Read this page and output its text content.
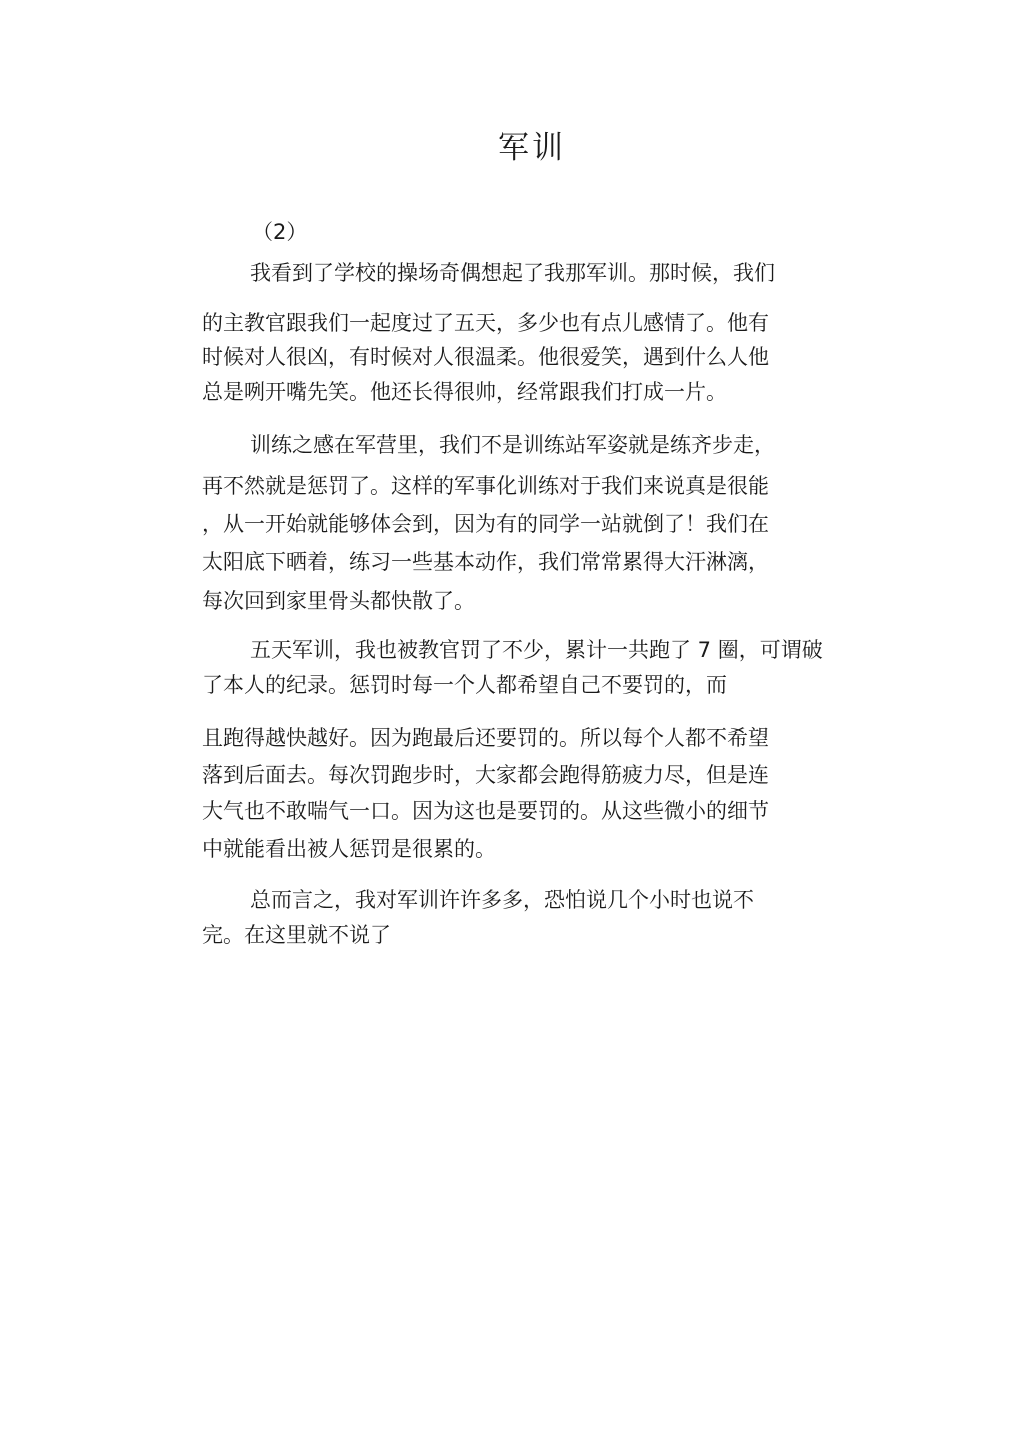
军训
（2）
我看到了学校的操场奇偶想起了我那军训。那时候，我们
的主教官跟我们一起度过了五天，多少也有点儿感情了。他有
时候对人很凶，有时候对人很温柔。他很爱笑，遇到什么人他
总是咧开嘴先笑。他还长得很帅，经常跟我们打成一片。
训练之感在军营里，我们不是训练站军姿就是练齐步走，
再不然就是惩罚了。这样的军事化训练对于我们来说真是很能
，从一开始就能够体会到，因为有的同学一站就倒了！我们在
太阳底下晒着，练习一些基本动作，我们常常累得大汗淋漓，
每次回到家里骨头都快散了。
五天军训，我也被教官罚了不少，累计一共跑了 7 圈，可谓破
了本人的纪录。惩罚时每一个人都希望自己不要罚的，而
且跑得越快越好。因为跑最后还要罚的。所以每个人都不希望
落到后面去。每次罚跑步时，大家都会跑得筋疲力尽，但是连
大气也不敢喘气一口。因为这也是要罚的。从这些微小的细节
中就能看出被人惩罚是很累的。
总而言之，我对军训许许多多，恐怕说几个小时也说不
完。在这里就不说了
